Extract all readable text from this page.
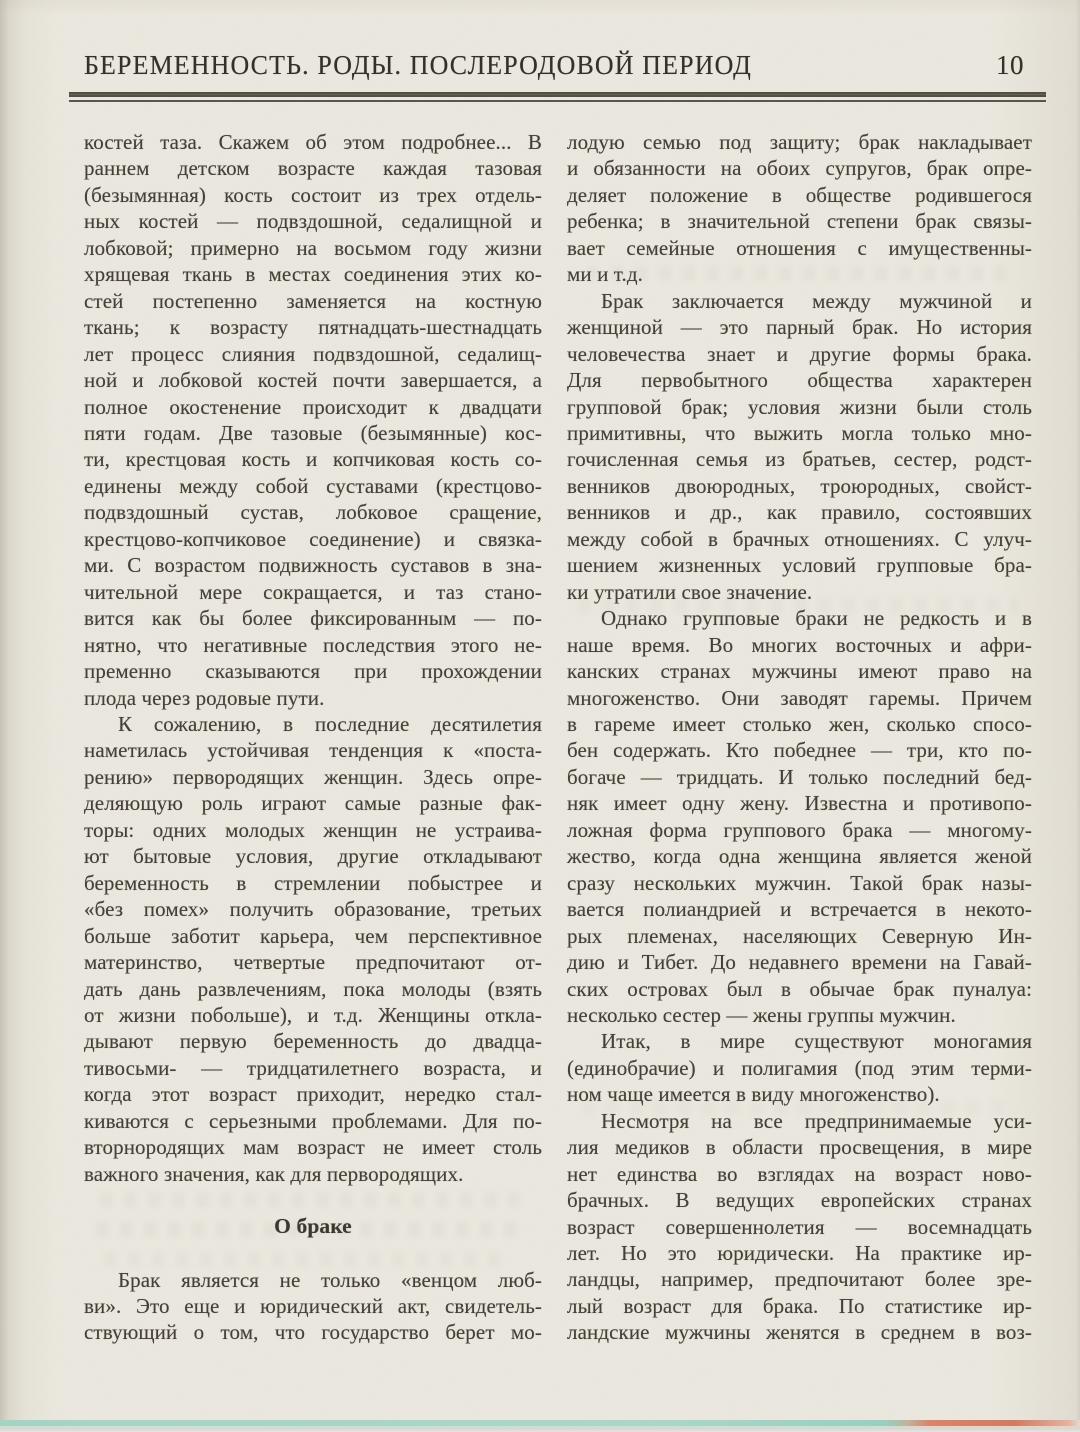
БЕРЕМЕННОСТЬ. РОДЫ. ПОСЛЕРОДОВОЙ ПЕРИОД	10
костей таза. Скажем об этом подробнее... В
раннем детском возрасте каждая тазовая
(безымянная) кость состоит из трех отдель-
ных костей — подвздошной, седалищной и
лобковой; примерно на восьмом году жизни
хрящевая ткань в местах соединения этих ко-
стей постепенно заменяется на костную
ткань; к возрасту пятнадцать-шестнадцать
лет процесс слияния подвздошной, седалищ-
ной и лобковой костей почти завершается, а
полное окостенение происходит к двадцати
пяти годам. Две тазовые (безымянные) кос-
ти, крестцовая кость и копчиковая кость со-
единены между собой суставами (крестцово-
подвздошный сустав, лобковое сращение,
крестцово-копчиковое соединение) и связка-
ми. С возрастом подвижность суставов в зна-
чительной мере сокращается, и таз стано-
вится как бы более фиксированным — по-
нятно, что негативные последствия этого не-
пременно сказываются при прохождении
плода через родовые пути.
К сожалению, в последние десятилетия
наметилась устойчивая тенденция к «поста-
рению» первородящих женщин. Здесь опре-
деляющую роль играют самые разные фак-
торы: одних молодых женщин не устраива-
ют бытовые условия, другие откладывают
беременность в стремлении побыстрее и
«без помех» получить образование, третьих
больше заботит карьера, чем перспективное
материнство, четвертые предпочитают от-
дать дань развлечениям, пока молоды (взять
от жизни побольше), и т.д. Женщины откла-
дывают первую беременность до двадца-
тивосьми- — тридцатилетнего возраста, и
когда этот возраст приходит, нередко стал-
киваются с серьезными проблемами. Для по-
вторнородящих мам возраст не имеет столь
важного значения, как для первородящих.
О браке
Брак является не только «венцом люб-
ви». Это еще и юридический акт, свидетель-
ствующий о том, что государство берет мо-
лодую семью под защиту; брак накладывает
и обязанности на обоих супругов, брак опре-
деляет положение в обществе родившегося
ребенка; в значительной степени брак связы-
вает семейные отношения с имущественны-
ми и т.д.
Брак заключается между мужчиной и
женщиной — это парный брак. Но история
человечества знает и другие формы брака.
Для первобытного общества характерен
групповой брак; условия жизни были столь
примитивны, что выжить могла только мно-
гочисленная семья из братьев, сестер, родст-
венников двоюродных, троюродных, свойст-
венников и др., как правило, состоявших
между собой в брачных отношениях. С улуч-
шением жизненных условий групповые бра-
ки утратили свое значение.
Однако групповые браки не редкость и в
наше время. Во многих восточных и афри-
канских странах мужчины имеют право на
многоженство. Они заводят гаремы. Причем
в гареме имеет столько жен, сколько спосо-
бен содержать. Кто победнее — три, кто по-
богаче — тридцать. И только последний бед-
няк имеет одну жену. Известна и противопо-
ложная форма группового брака — многому-
жество, когда одна женщина является женой
сразу нескольких мужчин. Такой брак назы-
вается полиандрией и встречается в некото-
рых племенах, населяющих Северную Ин-
дию и Тибет. До недавнего времени на Гавай-
ских островах был в обычае брак пуналуа:
несколько сестер — жены группы мужчин.
Итак, в мире существуют моногамия
(единобрачие) и полигамия (под этим терми-
ном чаще имеется в виду многоженство).
Несмотря на все предпринимаемые уси-
лия медиков в области просвещения, в мире
нет единства во взглядах на возраст ново-
брачных. В ведущих европейских странах
возраст совершеннолетия — восемнадцать
лет. Но это юридически. На практике ир-
ландцы, например, предпочитают более зре-
лый возраст для брака. По статистике ир-
ландские мужчины женятся в среднем в воз-
